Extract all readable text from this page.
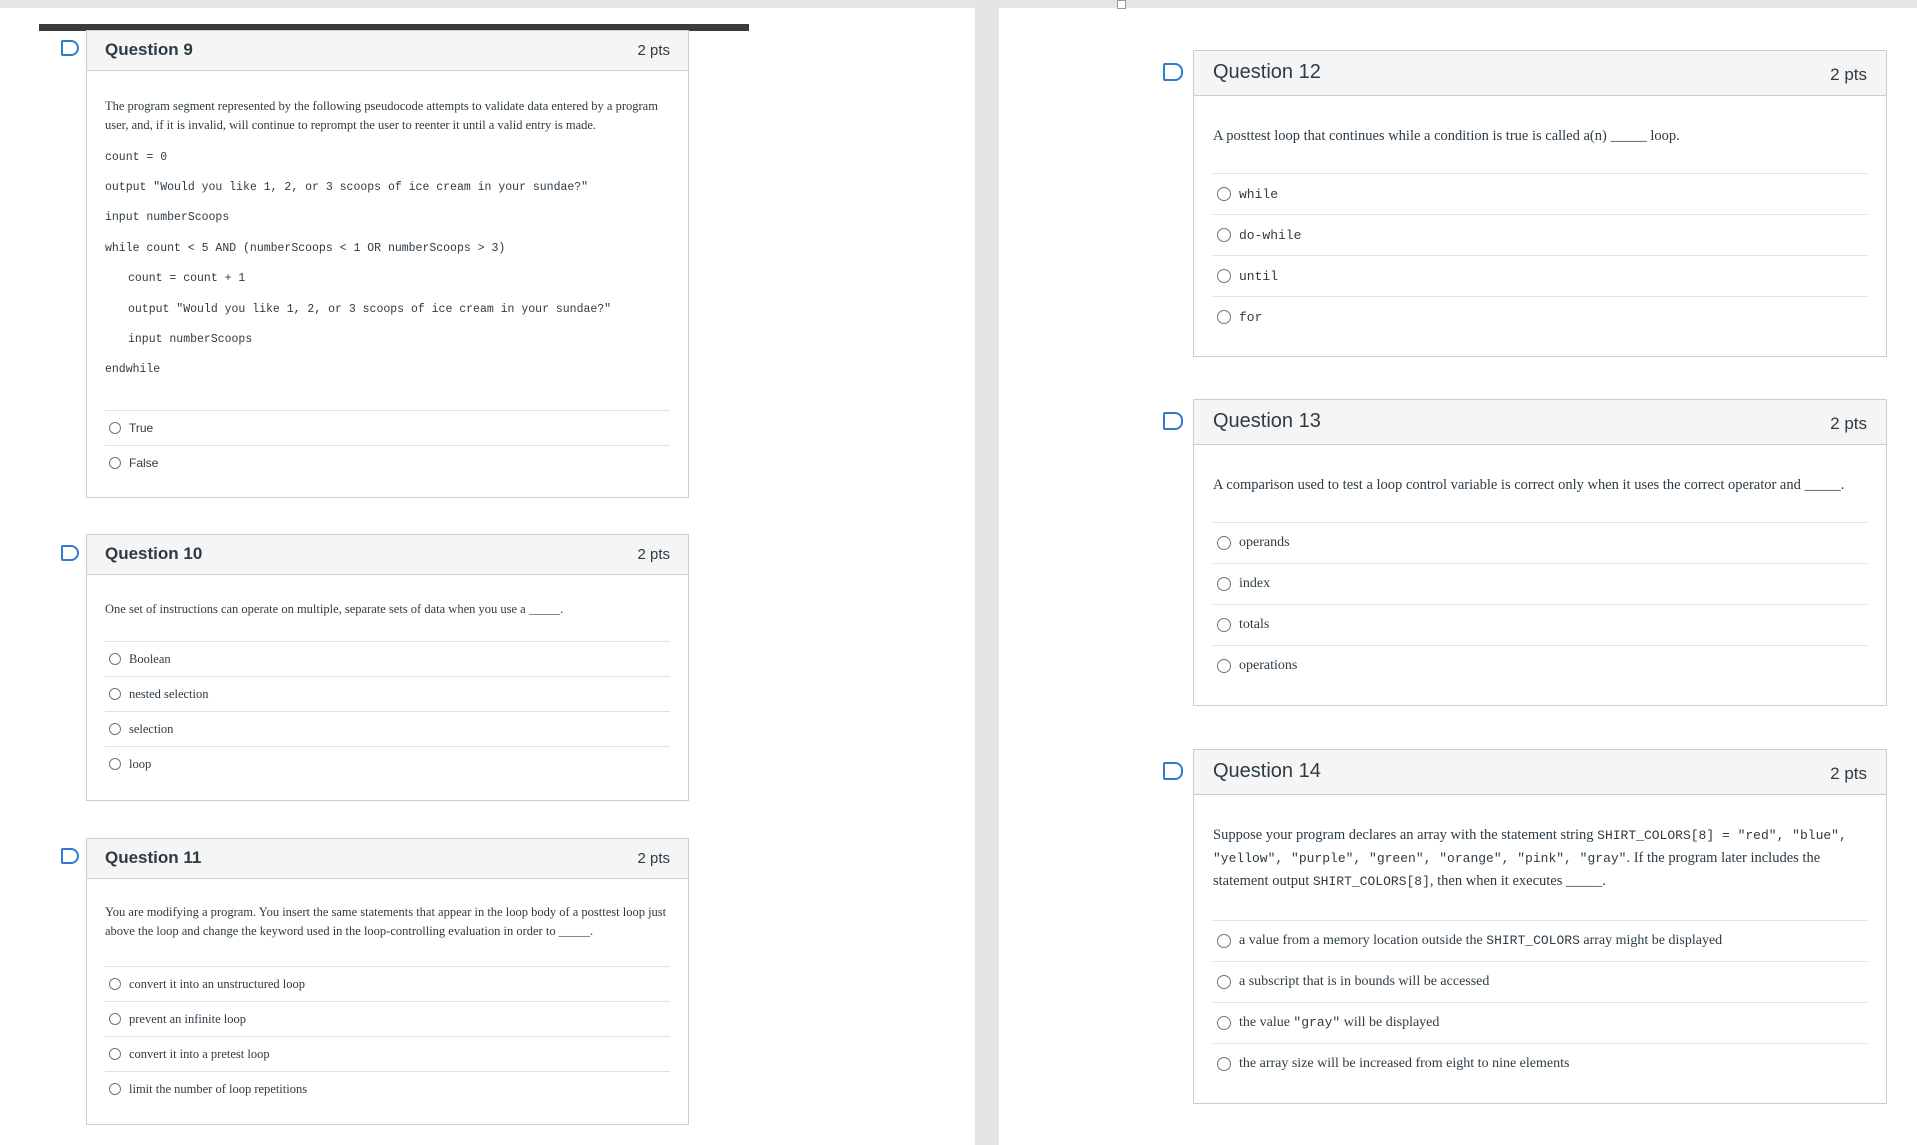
Question 9	2 pts
The program segment represented by the following pseudocode attempts to validate data entered by a program user, and, if it is invalid, will continue to reprompt the user to reenter it until a valid entry is made.
count = 0
output "Would you like 1, 2, or 3 scoops of ice cream in your sundae?"
input numberScoops
while count < 5 AND (numberScoops < 1 OR numberScoops > 3)
count = count + 1
output "Would you like 1, 2, or 3 scoops of ice cream in your sundae?"
input numberScoops
endwhile
True
False
Question 10	2 pts
One set of instructions can operate on multiple, separate sets of data when you use a _____.
Boolean
nested selection
selection
loop
Question 11	2 pts
You are modifying a program. You insert the same statements that appear in the loop body of a posttest loop just above the loop and change the keyword used in the loop-controlling evaluation in order to _____.
convert it into an unstructured loop
prevent an infinite loop
convert it into a pretest loop
limit the number of loop repetitions
Question 12	2 pts
A posttest loop that continues while a condition is true is called a(n) _____ loop.
while
do-while
until
for
Question 13	2 pts
A comparison used to test a loop control variable is correct only when it uses the correct operator and _____.
operands
index
totals
operations
Question 14	2 pts
Suppose your program declares an array with the statement string SHIRT_COLORS[8] = "red", "blue", "yellow", "purple", "green", "orange", "pink", "gray". If the program later includes the statement output SHIRT_COLORS[8], then when it executes _____.
a value from a memory location outside the SHIRT_COLORS array might be displayed
a subscript that is in bounds will be accessed
the value "gray" will be displayed
the array size will be increased from eight to nine elements
